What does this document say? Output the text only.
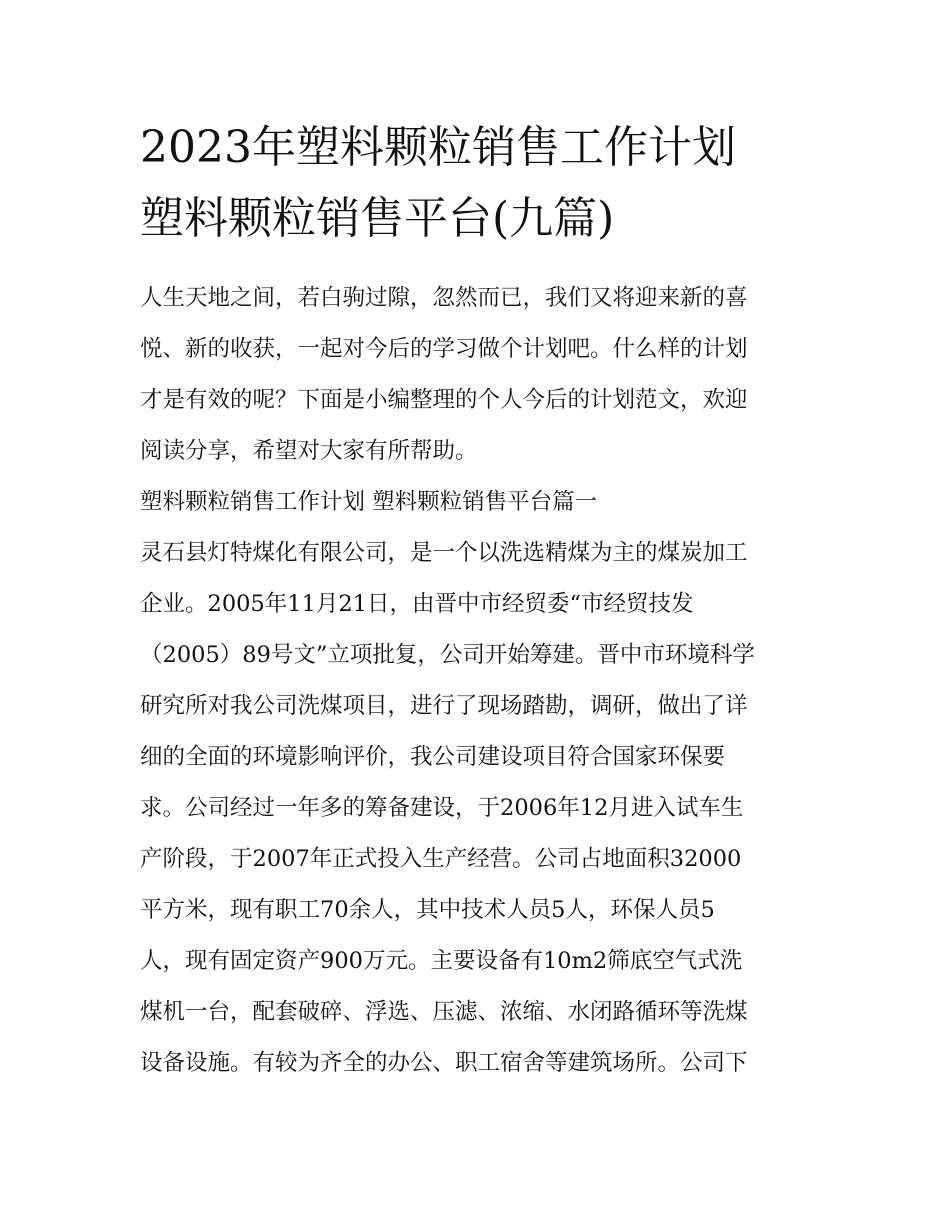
2023年塑料颗粒销售工作计划
塑料颗粒销售平台(九篇)
人生天地之间，若白驹过隙，忽然而已，我们又将迎来新的喜
悦、新的收获，一起对今后的学习做个计划吧。什么样的计划
才是有效的呢？下面是小编整理的个人今后的计划范文，欢迎
阅读分享，希望对大家有所帮助。
塑料颗粒销售工作计划 塑料颗粒销售平台篇一
灵石县灯特煤化有限公司，是一个以洗选精煤为主的煤炭加工
企业。2005年11月21日，由晋中市经贸委“市经贸技发
（2005）89号文”立项批复，公司开始筹建。晋中市环境科学
研究所对我公司洗煤项目，进行了现场踏勘，调研，做出了详
细的全面的环境影响评价，我公司建设项目符合国家环保要
求。公司经过一年多的筹备建设，于2006年12月进入试车生
产阶段，于2007年正式投入生产经营。公司占地面积32000
平方米，现有职工70余人，其中技术人员5人，环保人员5
人，现有固定资产900万元。主要设备有10m2筛底空气式洗
煤机一台，配套破碎、浮选、压滤、浓缩、水闭路循环等洗煤
设备设施。有较为齐全的办公、职工宿舍等建筑场所。公司下
